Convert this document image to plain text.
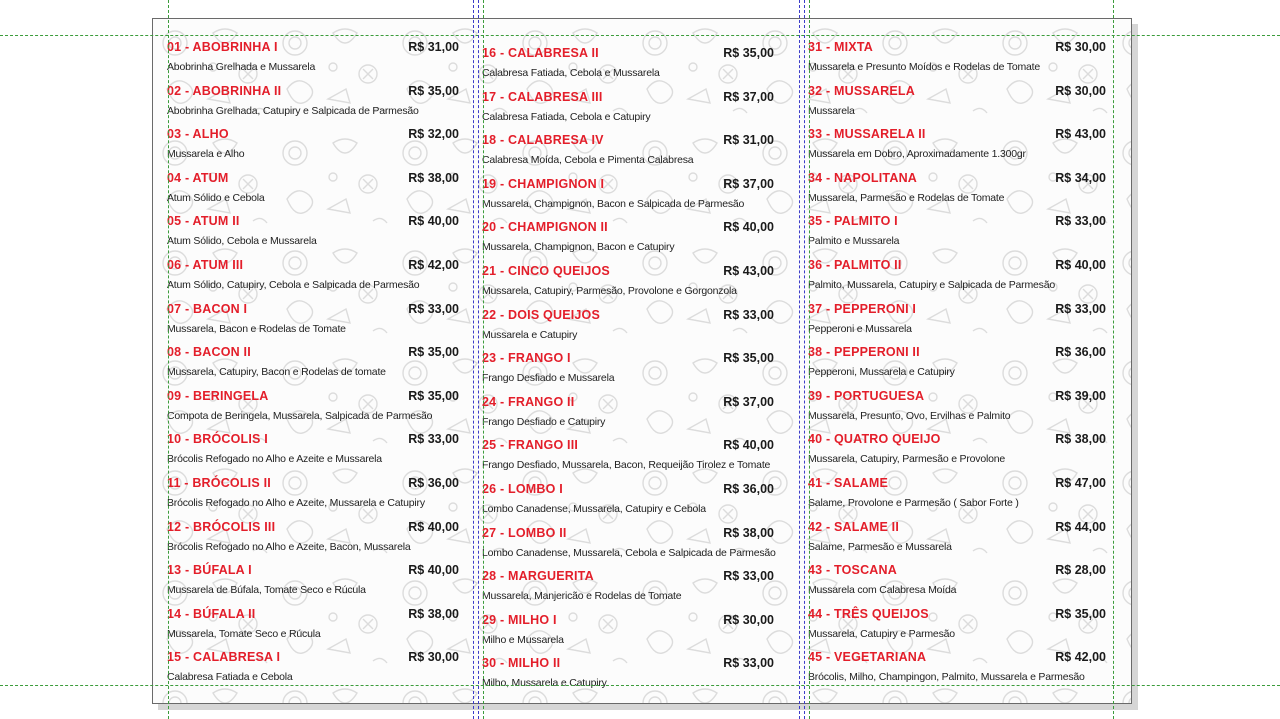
01 - ABOBRINHA I	R$ 31,00
Abobrinha Grelhada e Mussarela
02 - ABOBRINHA II	R$ 35,00
Abobrinha Grelhada, Catupiry e Salpicada de Parmesão
03 - ALHO	R$ 32,00
Mussarela e Alho
04 - ATUM	R$ 38,00
Atum Sólido e Cebola
05 - ATUM II	R$ 40,00
Atum Sólido, Cebola e Mussarela
06 - ATUM III	R$ 42,00
Atum Sólido, Catupiry, Cebola e Salpicada de Parmesão
07 - BACON I	R$ 33,00
Mussarela, Bacon e Rodelas de Tomate
08 - BACON II	R$ 35,00
Mussarela, Catupiry, Bacon e Rodelas de tomate
09 - BERINGELA	R$ 35,00
Compota de Beringela, Mussarela, Salpicada de Parmesão
10 - BRÓCOLIS I	R$ 33,00
Brócolis Refogado no Alho e Azeite e Mussarela
11 - BRÓCOLIS II	R$ 36,00
Brócolis Refogado no Alho e Azeite, Mussarela e Catupiry
12 - BRÓCOLIS III	R$ 40,00
Brócolis Refogado no Alho e Azeite, Bacon, Mussarela
13 - BÚFALA I	R$ 40,00
Mussarela de Búfala, Tomate Seco e Rúcula
14 - BÚFALA II	R$ 38,00
Mussarela, Tomate Seco e Rúcula
15 - CALABRESA I	R$ 30,00
Calabresa Fatiada e Cebola
16 - CALABRESA II	R$ 35,00
Calabresa Fatiada, Cebola e Mussarela
17 - CALABRESA III	R$ 37,00
Calabresa Fatiada, Cebola e Catupiry
18 - CALABRESA IV	R$ 31,00
Calabresa Moída, Cebola e Pimenta Calabresa
19 - CHAMPIGNON I	R$ 37,00
Mussarela, Champignon, Bacon e Salpicada de Parmesão
20 - CHAMPIGNON II	R$ 40,00
Mussarela, Champignon, Bacon e Catupiry
21 - CINCO QUEIJOS	R$ 43,00
Mussarela, Catupiry, Parmesão, Provolone e Gorgonzola
22 - DOIS QUEIJOS	R$ 33,00
Mussarela e Catupiry
23 - FRANGO I	R$ 35,00
Frango Desfiado e Mussarela
24 - FRANGO II	R$ 37,00
Frango Desfiado e Catupiry
25 - FRANGO III	R$ 40,00
Frango Desfiado, Mussarela, Bacon, Requeijão Tirolez e Tomate
26 - LOMBO I	R$ 36,00
Lombo Canadense, Mussarela, Catupiry e Cebola
27 - LOMBO II	R$ 38,00
Lombo Canadense, Mussarela, Cebola e Salpicada de Parmesão
28 - MARGUERITA	R$ 33,00
Mussarela, Manjericão e Rodelas de Tomate
29 - MILHO I	R$ 30,00
Milho e Mussarela
30 - MILHO II	R$ 33,00
Milho, Mussarela e Catupiry
31 - MIXTA	R$ 30,00
Mussarela e Presunto Moídos e Rodelas de Tomate
32 - MUSSARELA	R$ 30,00
Mussarela
33 - MUSSARELA II	R$ 43,00
Mussarela em Dobro, Aproximadamente 1.300gr
34 - NAPOLITANA	R$ 34,00
Mussarela, Parmesão e Rodelas de Tomate
35 - PALMITO I	R$ 33,00
Palmito e Mussarela
36 - PALMITO II	R$ 40,00
Palmito, Mussarela, Catupiry e Salpicada de Parmesão
37 - PEPPERONI I	R$ 33,00
Pepperoni e Mussarela
38 - PEPPERONI II	R$ 36,00
Pepperoni, Mussarela e Catupiry
39 - PORTUGUESA	R$ 39,00
Mussarela, Presunto, Ovo, Ervilhas e Palmito
40 - QUATRO QUEIJO	R$ 38,00
Mussarela, Catupiry, Parmesão e Provolone
41 - SALAME	R$ 47,00
Salame, Provolone e Parmesão ( Sabor Forte )
42 - SALAME II	R$ 44,00
Salame, Parmesão e Mussarela
43 - TOSCANA	R$ 28,00
Mussarela com Calabresa Moída
44 - TRÊS QUEIJOS	R$ 35,00
Mussarela, Catupiry e Parmesão
45 - VEGETARIANA	R$ 42,00
Brócolis, Milho, Champingon, Palmito, Mussarela e Parmesão
